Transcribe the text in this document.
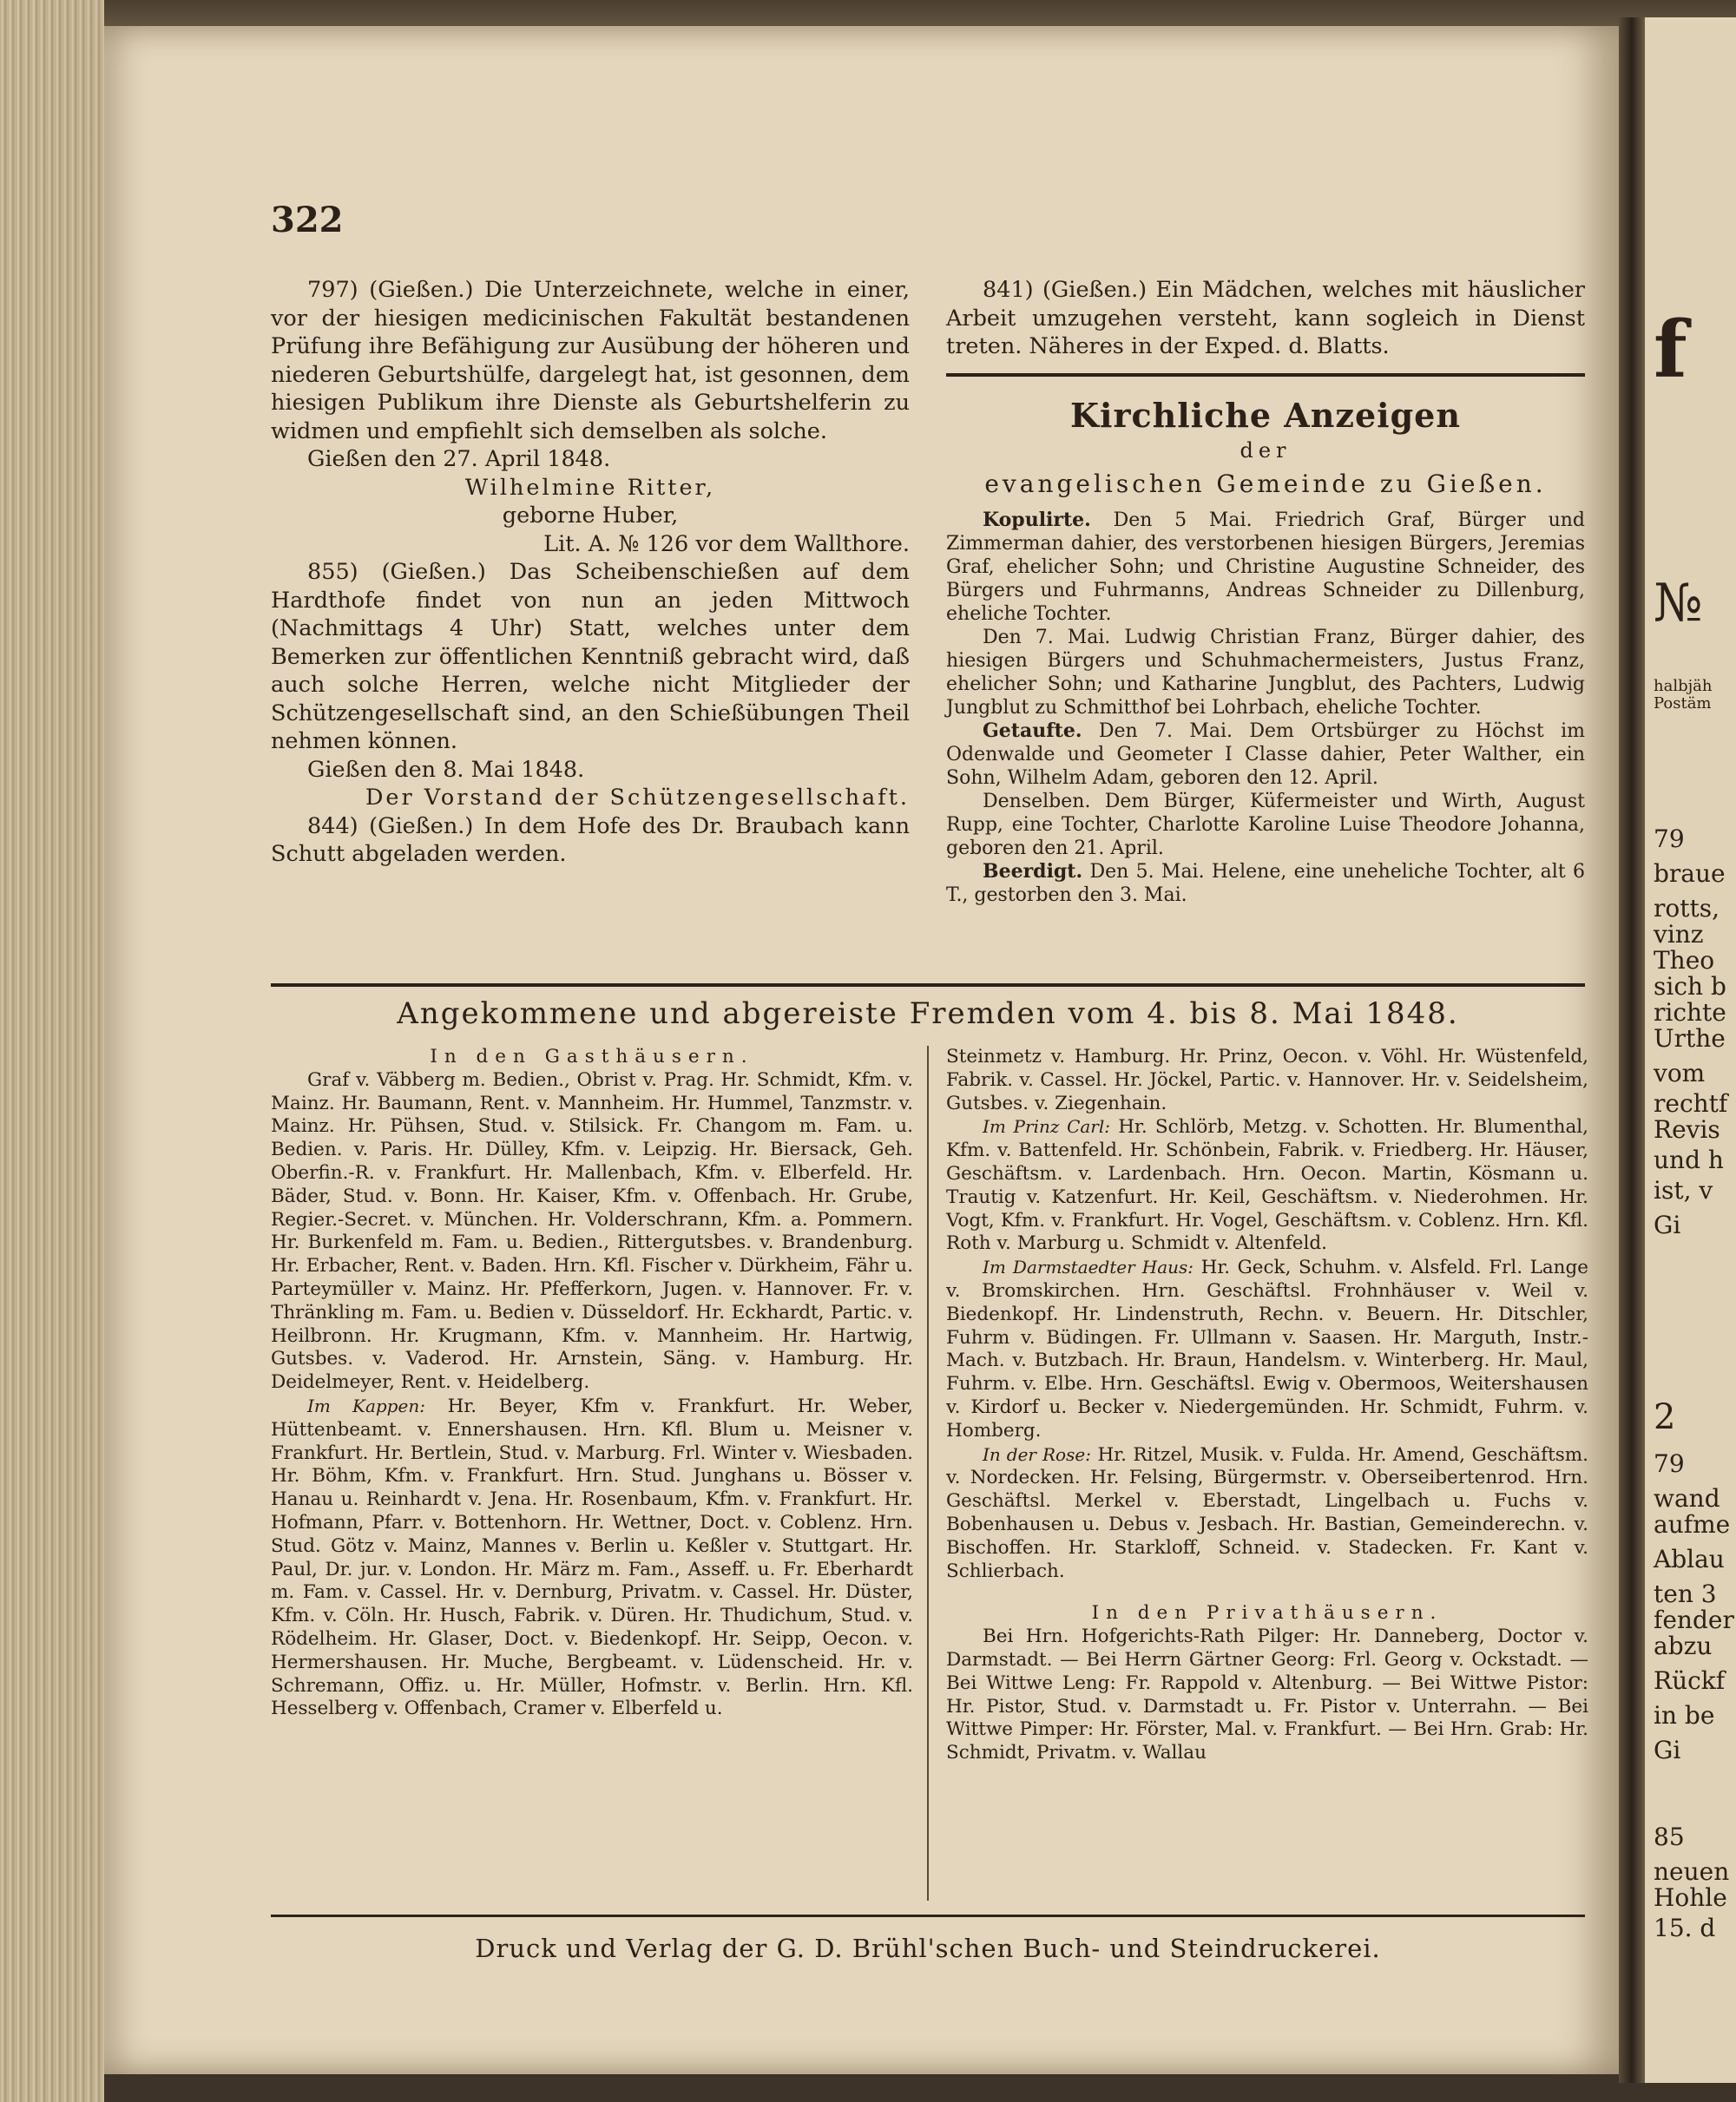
f
№
halbjäh
Postäm
79
braue
rotts,
vinz
Theo
sich b
richte
Urthe
vom
rechtf
Revis
und h
ist, v
Gi
2
79
wand
aufme
Ablau
ten 3
fender
abzu
Rückf
in be
Gi
85
neuen
Hohle
15. d
322

797) (Gießen.) Die Unterzeichnete, welche in einer, vor der hiesigen medicinischen Fakultät bestandenen Prüfung ihre Befähigung zur Ausübung der höheren und niederen Geburtshülfe, dargelegt hat, ist gesonnen, dem hiesigen Publikum ihre Dienste als Geburtshelferin zu widmen und empfiehlt sich demselben als solche.

Gießen den 27. April 1848.

Wilhelmine Ritter,

geborne Huber,

Lit. A. № 126 vor dem Wallthore.

855) (Gießen.) Das Scheibenschießen auf dem Hardthofe findet von nun an jeden Mittwoch (Nachmittags 4 Uhr) Statt, welches unter dem Bemerken zur öffentlichen Kenntniß gebracht wird, daß auch solche Herren, welche nicht Mitglieder der Schützengesellschaft sind, an den Schießübungen Theil nehmen können.

Gießen den 8. Mai 1848.

Der Vorstand der Schützengesellschaft.

844) (Gießen.) In dem Hofe des Dr. Braubach kann Schutt abgeladen werden.

841) (Gießen.) Ein Mädchen, welches mit häuslicher Arbeit umzugehen versteht, kann sogleich in Dienst treten. Näheres in der Exped. d. Blatts.

Kirchliche Anzeigen
der
evangelischen Gemeinde zu Gießen.

Kopulirte. Den 5 Mai. Friedrich Graf, Bürger und Zimmerman dahier, des verstorbenen hiesigen Bürgers, Jeremias Graf, ehelicher Sohn; und Christine Augustine Schneider, des Bürgers und Fuhrmanns, Andreas Schneider zu Dillenburg, eheliche Tochter.

Den 7. Mai. Ludwig Christian Franz, Bürger dahier, des hiesigen Bürgers und Schuhmachermeisters, Justus Franz, ehelicher Sohn; und Katharine Jungblut, des Pachters, Ludwig Jungblut zu Schmitthof bei Lohrbach, eheliche Tochter.

Getaufte. Den 7. Mai. Dem Ortsbürger zu Höchst im Odenwalde und Geometer I Classe dahier, Peter Walther, ein Sohn, Wilhelm Adam, geboren den 12. April.

Denselben. Dem Bürger, Küfermeister und Wirth, August Rupp, eine Tochter, Charlotte Karoline Luise Theodore Johanna, geboren den 21. April.

Beerdigt. Den 5. Mai. Helene, eine uneheliche Tochter, alt 6 T., gestorben den 3. Mai.

Angekommene und abgereiste Fremden vom 4. bis 8. Mai 1848.

In den Gasthäusern.

Graf v. Väbberg m. Bedien., Obrist v. Prag. Hr. Schmidt, Kfm. v. Mainz. Hr. Baumann, Rent. v. Mannheim. Hr. Hummel, Tanzmstr. v. Mainz. Hr. Pühsen, Stud. v. Stilsick. Fr. Changom m. Fam. u. Bedien. v. Paris. Hr. Dülley, Kfm. v. Leipzig. Hr. Biersack, Geh. Oberfin.-R. v. Frankfurt. Hr. Mallenbach, Kfm. v. Elberfeld. Hr. Bäder, Stud. v. Bonn. Hr. Kaiser, Kfm. v. Offenbach. Hr. Grube, Regier.-Secret. v. München. Hr. Volderschrann, Kfm. a. Pommern. Hr. Burkenfeld m. Fam. u. Bedien., Rittergutsbes. v. Brandenburg. Hr. Erbacher, Rent. v. Baden. Hrn. Kfl. Fischer v. Dürkheim, Fähr u. Parteymüller v. Mainz. Hr. Pfefferkorn, Jugen. v. Hannover. Fr. v. Thränkling m. Fam. u. Bedien v. Düsseldorf. Hr. Eckhardt, Partic. v. Heilbronn. Hr. Krugmann, Kfm. v. Mannheim. Hr. Hartwig, Gutsbes. v. Vaderod. Hr. Arnstein, Säng. v. Hamburg. Hr. Deidelmeyer, Rent. v. Heidelberg.

Im Kappen: Hr. Beyer, Kfm v. Frankfurt. Hr. Weber, Hüttenbeamt. v. Ennershausen. Hrn. Kfl. Blum u. Meisner v. Frankfurt. Hr. Bertlein, Stud. v. Marburg. Frl. Winter v. Wiesbaden. Hr. Böhm, Kfm. v. Frankfurt. Hrn. Stud. Junghans u. Bösser v. Hanau u. Reinhardt v. Jena. Hr. Rosenbaum, Kfm. v. Frankfurt. Hr. Hofmann, Pfarr. v. Bottenhorn. Hr. Wettner, Doct. v. Coblenz. Hrn. Stud. Götz v. Mainz, Mannes v. Berlin u. Keßler v. Stuttgart. Hr. Paul, Dr. jur. v. London. Hr. März m. Fam., Asseff. u. Fr. Eberhardt m. Fam. v. Cassel. Hr. v. Dernburg, Privatm. v. Cassel. Hr. Düster, Kfm. v. Cöln. Hr. Husch, Fabrik. v. Düren. Hr. Thudichum, Stud. v. Rödelheim. Hr. Glaser, Doct. v. Biedenkopf. Hr. Seipp, Oecon. v. Hermershausen. Hr. Muche, Bergbeamt. v. Lüdenscheid. Hr. v. Schremann, Offiz. u. Hr. Müller, Hofmstr. v. Berlin. Hrn. Kfl. Hesselberg v. Offenbach, Cramer v. Elberfeld u.

Steinmetz v. Hamburg. Hr. Prinz, Oecon. v. Vöhl. Hr. Wüstenfeld, Fabrik. v. Cassel. Hr. Jöckel, Partic. v. Hannover. Hr. v. Seidelsheim, Gutsbes. v. Ziegenhain.

Im Prinz Carl: Hr. Schlörb, Metzg. v. Schotten. Hr. Blumenthal, Kfm. v. Battenfeld. Hr. Schönbein, Fabrik. v. Friedberg. Hr. Häuser, Geschäftsm. v. Lardenbach. Hrn. Oecon. Martin, Kösmann u. Trautig v. Katzenfurt. Hr. Keil, Geschäftsm. v. Niederohmen. Hr. Vogt, Kfm. v. Frankfurt. Hr. Vogel, Geschäftsm. v. Coblenz. Hrn. Kfl. Roth v. Marburg u. Schmidt v. Altenfeld.

Im Darmstaedter Haus: Hr. Geck, Schuhm. v. Alsfeld. Frl. Lange v. Bromskirchen. Hrn. Geschäftsl. Frohnhäuser v. Weil v. Biedenkopf. Hr. Lindenstruth, Rechn. v. Beuern. Hr. Ditschler, Fuhrm v. Büdingen. Fr. Ullmann v. Saasen. Hr. Marguth, Instr.-Mach. v. Butzbach. Hr. Braun, Handelsm. v. Winterberg. Hr. Maul, Fuhrm. v. Elbe. Hrn. Geschäftsl. Ewig v. Obermoos, Weitershausen v. Kirdorf u. Becker v. Niedergemünden. Hr. Schmidt, Fuhrm. v. Homberg.

In der Rose: Hr. Ritzel, Musik. v. Fulda. Hr. Amend, Geschäftsm. v. Nordecken. Hr. Felsing, Bürgermstr. v. Oberseibertenrod. Hrn. Geschäftsl. Merkel v. Eberstadt, Lingelbach u. Fuchs v. Bobenhausen u. Debus v. Jesbach. Hr. Bastian, Gemeinderechn. v. Bischoffen. Hr. Starkloff, Schneid. v. Stadecken. Fr. Kant v. Schlierbach.

In den Privathäusern.

Bei Hrn. Hofgerichts-Rath Pilger: Hr. Danneberg, Doctor v. Darmstadt. — Bei Herrn Gärtner Georg: Frl. Georg v. Ockstadt. — Bei Wittwe Leng: Fr. Rappold v. Altenburg. — Bei Wittwe Pistor: Hr. Pistor, Stud. v. Darmstadt u. Fr. Pistor v. Unterrahn. — Bei Wittwe Pimper: Hr. Förster, Mal. v. Frankfurt. — Bei Hrn. Grab: Hr. Schmidt, Privatm. v. Wallau

Druck und Verlag der G. D. Brühl'schen Buch- und Steindruckerei.
